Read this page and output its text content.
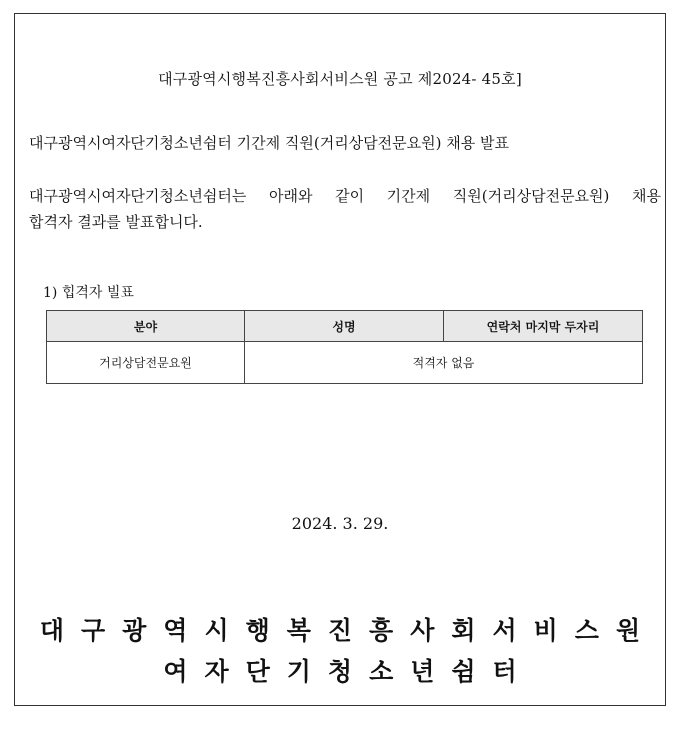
대구광역시행복진흥사회서비스원 공고 제2024- 45호]
대구광역시여자단기청소년쉼터 기간제 직원(거리상담전문요원) 채용 발표
대구광역시여자단기청소년쉼터는 아래와 같이 기간제 직원(거리상담전문요원) 채용
합격자 결과를 발표합니다.
1) 힙격자 빌표
분야	성명	연락처 마지막 두자리
거리상담전문요원	적격자 없음	
2024. 3. 29.
대구광역시행복진흥사회서비스원
여자단기청소년쉼터
